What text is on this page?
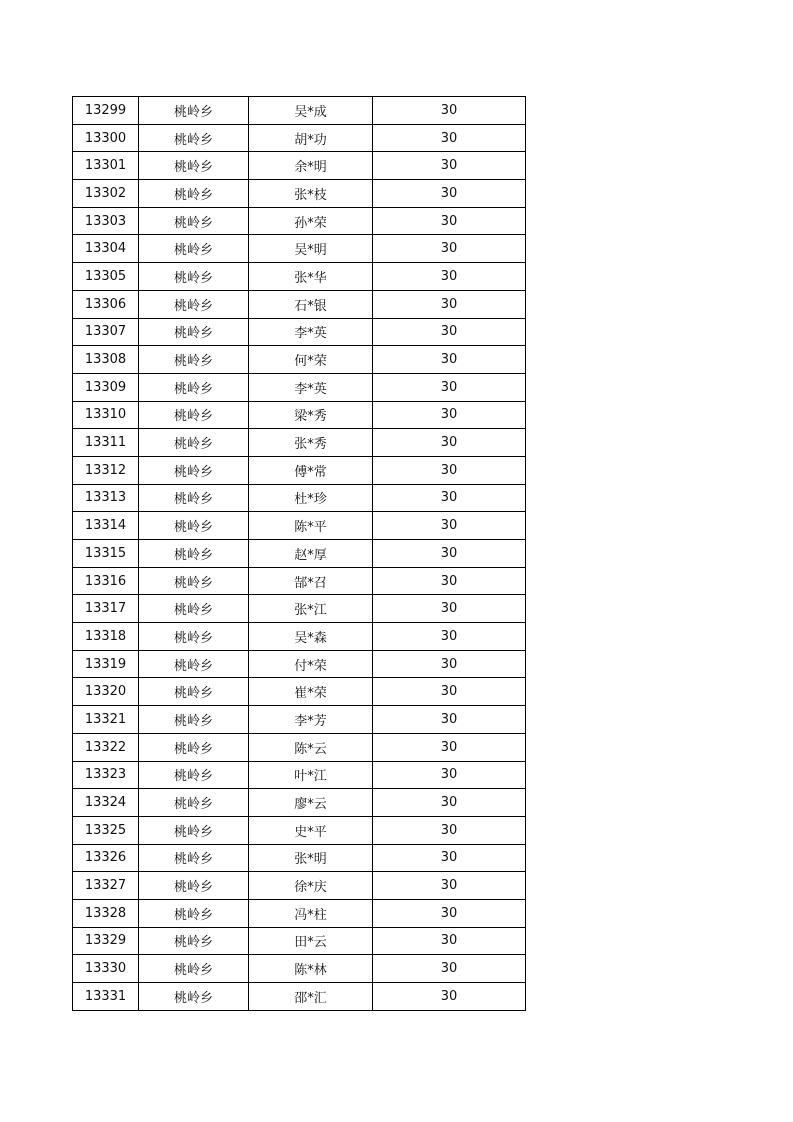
13299	桃岭乡	吴*成	30
13300	桃岭乡	胡*功	30
13301	桃岭乡	余*明	30
13302	桃岭乡	张*枝	30
13303	桃岭乡	孙*荣	30
13304	桃岭乡	吴*明	30
13305	桃岭乡	张*华	30
13306	桃岭乡	石*银	30
13307	桃岭乡	李*英	30
13308	桃岭乡	何*荣	30
13309	桃岭乡	李*英	30
13310	桃岭乡	梁*秀	30
13311	桃岭乡	张*秀	30
13312	桃岭乡	傅*常	30
13313	桃岭乡	杜*珍	30
13314	桃岭乡	陈*平	30
13315	桃岭乡	赵*厚	30
13316	桃岭乡	郜*召	30
13317	桃岭乡	张*江	30
13318	桃岭乡	吴*森	30
13319	桃岭乡	付*荣	30
13320	桃岭乡	崔*荣	30
13321	桃岭乡	李*芳	30
13322	桃岭乡	陈*云	30
13323	桃岭乡	叶*江	30
13324	桃岭乡	廖*云	30
13325	桃岭乡	史*平	30
13326	桃岭乡	张*明	30
13327	桃岭乡	徐*庆	30
13328	桃岭乡	冯*柱	30
13329	桃岭乡	田*云	30
13330	桃岭乡	陈*林	30
13331	桃岭乡	邵*汇	30
